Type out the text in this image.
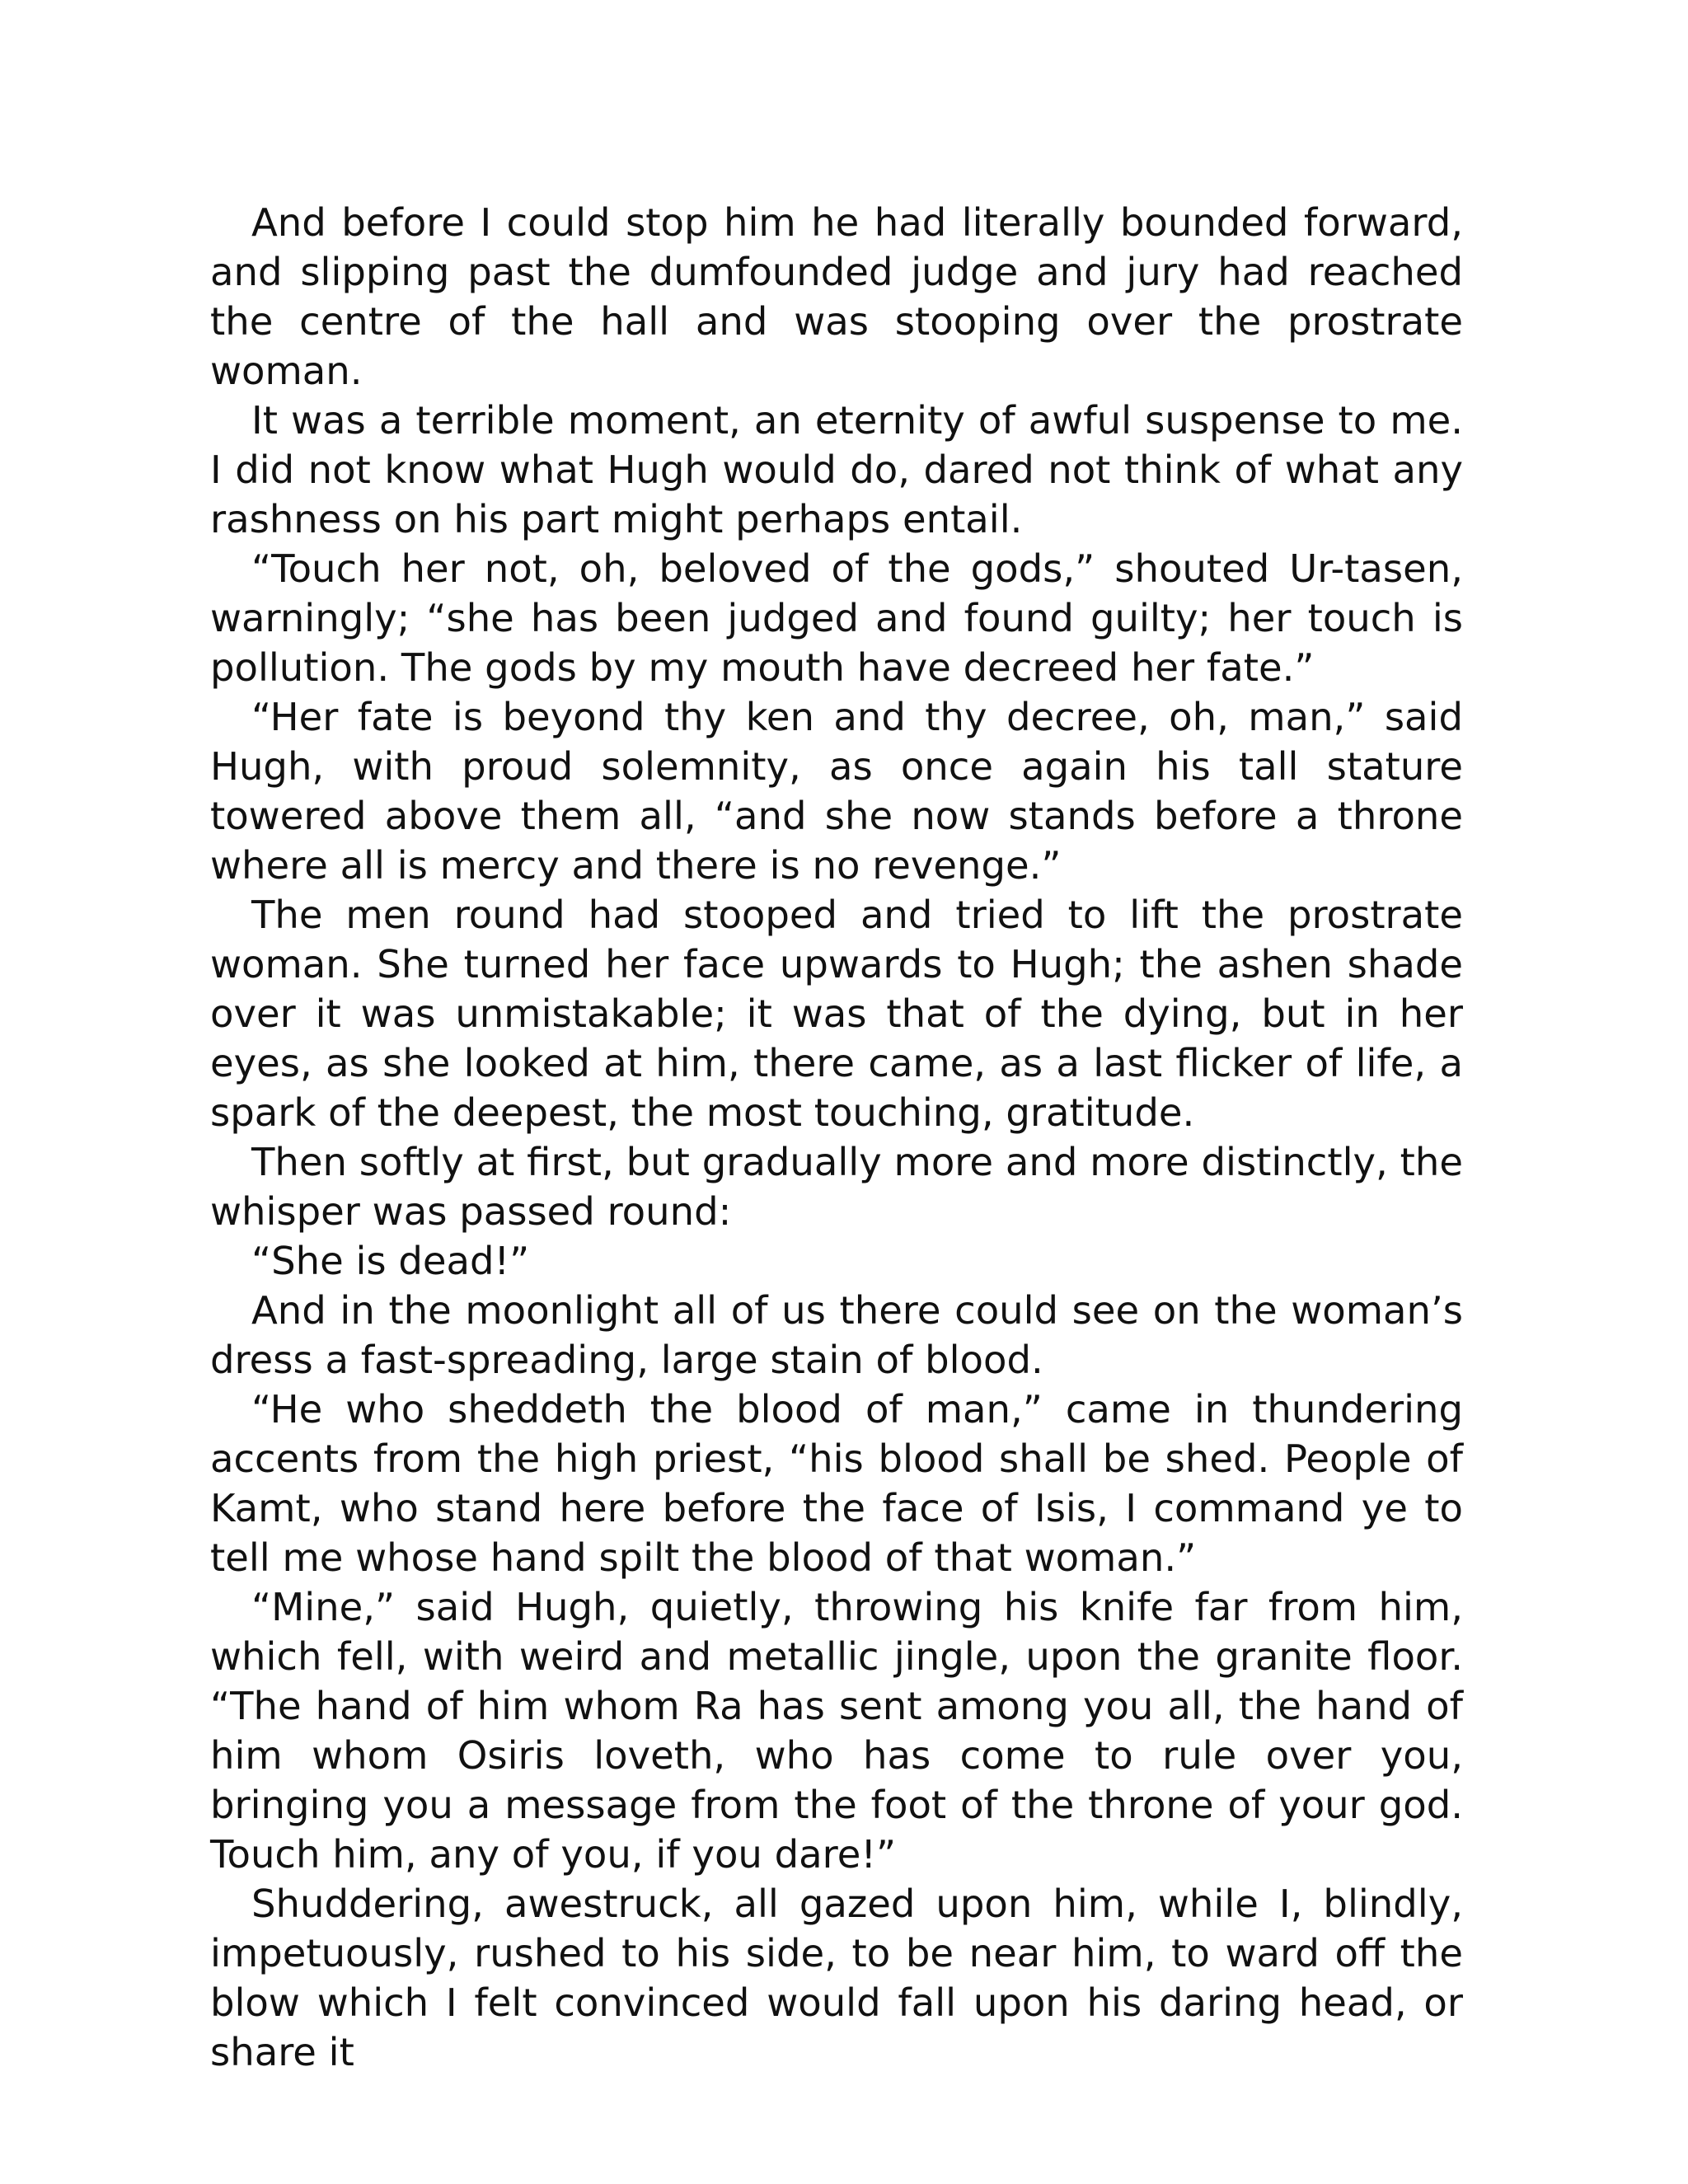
And before I could stop him he had literally bounded forward, and slipping past the dumfounded judge and jury had reached the centre of the hall and was stooping over the prostrate woman.

It was a terrible moment, an eternity of awful suspense to me. I did not know what Hugh would do, dared not think of what any rashness on his part might perhaps entail.

“Touch her not, oh, beloved of the gods,” shouted Ur-tasen, warningly; “she has been judged and found guilty; her touch is pollution. The gods by my mouth have decreed her fate.”

“Her fate is beyond thy ken and thy decree, oh, man,” said Hugh, with proud solemnity, as once again his tall stature towered above them all, “and she now stands before a throne where all is mercy and there is no revenge.”

The men round had stooped and tried to lift the prostrate woman. She turned her face upwards to Hugh; the ashen shade over it was unmistakable; it was that of the dying, but in her eyes, as she looked at him, there came, as a last flicker of life, a spark of the deepest, the most touching, gratitude.

Then softly at first, but gradually more and more distinctly, the whisper was passed round:

“She is dead!”

And in the moonlight all of us there could see on the woman’s dress a fast-spreading, large stain of blood.

“He who sheddeth the blood of man,” came in thundering accents from the high priest, “his blood shall be shed. People of Kamt, who stand here before the face of Isis, I command ye to tell me whose hand spilt the blood of that woman.”

“Mine,” said Hugh, quietly, throwing his knife far from him, which fell, with weird and metallic jingle, upon the granite floor. “The hand of him whom Ra has sent among you all, the hand of him whom Osiris loveth, who has come to rule over you, bringing you a message from the foot of the throne of your god. Touch him, any of you, if you dare!”

Shuddering, awestruck, all gazed upon him, while I, blindly, impetuously, rushed to his side, to be near him, to ward off the blow which I felt convinced would fall upon his daring head, or share it
